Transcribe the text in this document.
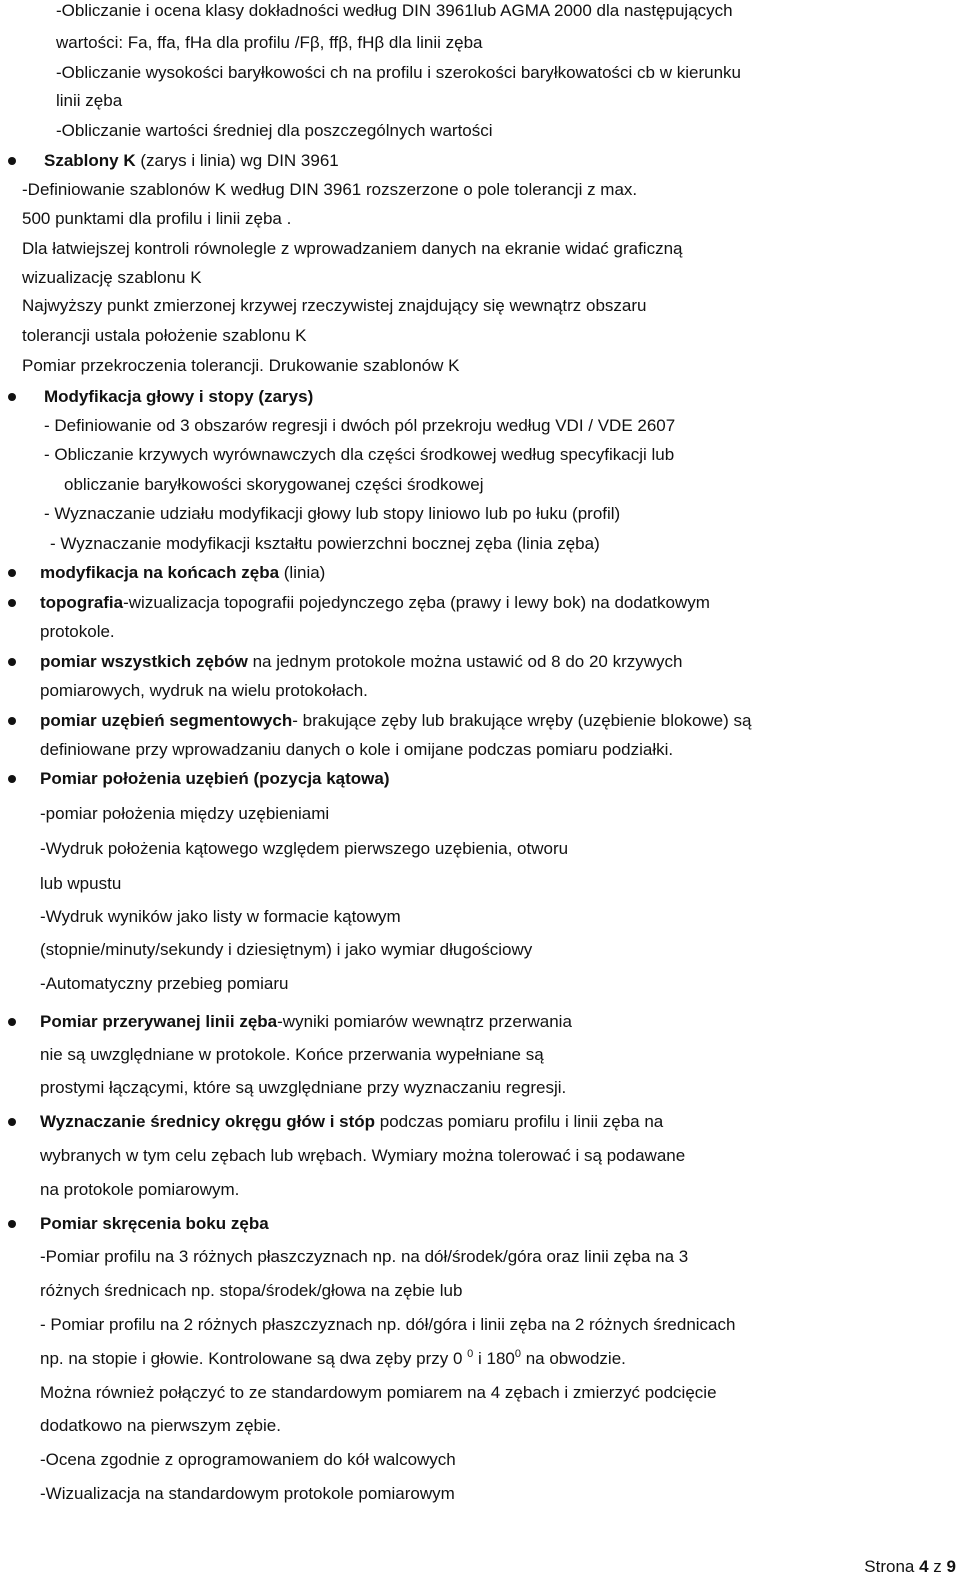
-Obliczanie i ocena klasy dokładności według DIN 3961lub AGMA 2000 dla następujących
wartości: Fa, ffa, fHa dla profilu /Fβ, ffβ, fHβ dla linii zęba
-Obliczanie wysokości baryłkowości ch na profilu i szerokości baryłkowatości cb w kierunku
linii zęba
-Obliczanie wartości średniej dla poszczególnych wartości
Szablony K (zarys i linia) wg DIN 3961
-Definiowanie szablonów K według DIN 3961 rozszerzone o pole tolerancji z max.
500 punktami dla profilu i linii zęba .
Dla łatwiejszej kontroli równolegle z wprowadzaniem danych na ekranie widać graficzną
wizualizację szablonu K
Najwyższy punkt zmierzonej krzywej rzeczywistej znajdujący się wewnątrz obszaru
tolerancji ustala położenie szablonu K
Pomiar przekroczenia tolerancji. Drukowanie szablonów K
Modyfikacja głowy i stopy (zarys)
- Definiowanie od 3 obszarów regresji i dwóch pól przekroju według VDI / VDE 2607
- Obliczanie krzywych wyrównawczych dla części środkowej według specyfikacji lub
obliczanie baryłkowości skorygowanej części środkowej
- Wyznaczanie udziału modyfikacji głowy lub stopy liniowo lub po łuku (profil)
- Wyznaczanie modyfikacji kształtu powierzchni bocznej zęba (linia zęba)
modyfikacja na końcach zęba (linia)
topografia-wizualizacja topografii pojedynczego zęba (prawy i lewy bok) na dodatkowym
protokole.
pomiar wszystkich zębów na jednym protokole można ustawić od 8 do 20 krzywych
pomiarowych, wydruk na wielu protokołach.
pomiar uzębień segmentowych- brakujące zęby lub brakujące wręby (uzębienie blokowe) są
definiowane przy wprowadzaniu danych o kole i omijane podczas pomiaru podziałki.
Pomiar położenia uzębień (pozycja kątowa)
-pomiar położenia między uzębieniami
-Wydruk położenia kątowego względem pierwszego uzębienia, otworu
lub wpustu
-Wydruk wyników jako listy w formacie kątowym
(stopnie/minuty/sekundy i dziesiętnym) i jako wymiar długościowy
-Automatyczny przebieg pomiaru
Pomiar przerywanej linii zęba-wyniki pomiarów wewnątrz przerwania
nie są uwzględniane w protokole. Końce przerwania wypełniane są
prostymi łączącymi, które są uwzględniane przy wyznaczaniu regresji.
Wyznaczanie średnicy okręgu głów i stóp podczas pomiaru profilu i linii zęba na
wybranych w tym celu zębach lub wrębach. Wymiary można tolerować i są podawane
na protokole pomiarowym.
Pomiar skręcenia boku zęba
-Pomiar profilu na 3 różnych płaszczyznach np. na dół/środek/góra oraz linii zęba na 3
różnych średnicach np. stopa/środek/głowa na zębie lub
- Pomiar profilu na 2 różnych płaszczyznach np. dół/góra i linii zęba na 2 różnych średnicach
np. na stopie i głowie. Kontrolowane są dwa zęby przy 0 $^0$ i $180^0$ na obwodzie.
Można również połączyć to ze standardowym pomiarem na 4 zębach i zmierzyć podcięcie
dodatkowo na pierwszym zębie.
-Ocena zgodnie z oprogramowaniem do kół walcowych
-Wizualizacja na standardowym protokole pomiarowym
Strona 4 z 9
